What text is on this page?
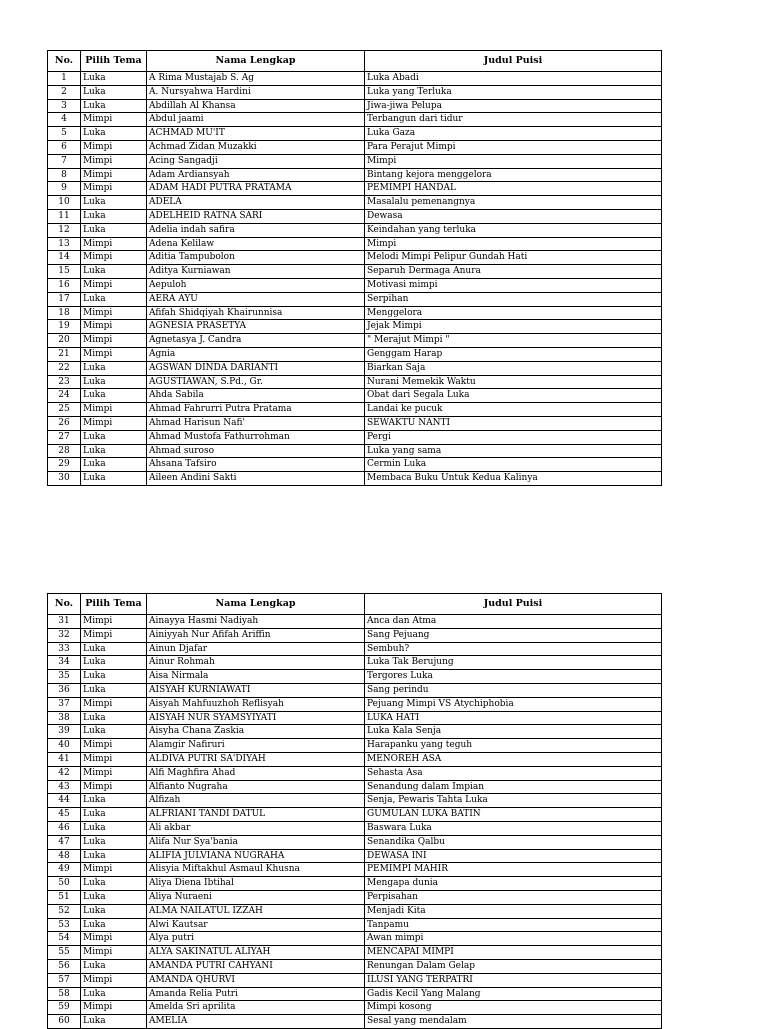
No.	Pilih Tema	Nama Lengkap	Judul Puisi
1	Luka	A Rima Mustajab S. Ag	Luka Abadi
2	Luka	A. Nursyahwa Hardini	Luka yang Terluka
3	Luka	Abdillah Al Khansa	Jiwa-jiwa Pelupa
4	Mimpi	Abdul jaami	Terbangun dari tidur
5	Luka	ACHMAD MU'IT	Luka Gaza
6	Mimpi	Achmad Zidan Muzakki	Para Perajut Mimpi
7	Mimpi	Acing Sangadji	Mimpi
8	Mimpi	Adam Ardiansyah	Bintang kejora menggelora
9	Mimpi	ADAM HADI PUTRA PRATAMA	PEMIMPI HANDAL
10	Luka	ADELA	Masalalu pemenangnya
11	Luka	ADELHEID RATNA SARI	Dewasa
12	Luka	Adelia indah safira	Keindahan yang terluka
13	Mimpi	Adena Kelilaw	Mimpi
14	Mimpi	Aditia Tampubolon	Melodi Mimpi Pelipur Gundah Hati
15	Luka	Aditya Kurniawan	Separuh Dermaga Anura
16	Mimpi	Aepuloh	Motivasi mimpi
17	Luka	AERA AYU	Serpihan
18	Mimpi	Afifah Shidqiyah Khairunnisa	Menggelora
19	Mimpi	AGNESIA PRASETYA	Jejak Mimpi
20	Mimpi	Agnetasya J. Candra	" Merajut Mimpi "
21	Mimpi	Agnia	Genggam Harap
22	Luka	AGSWAN DINDA DARIANTI	Biarkan Saja
23	Luka	AGUSTIAWAN, S.Pd., Gr.	Nurani Memekik Waktu
24	Luka	Ahda Sabila	Obat dari Segala Luka
25	Mimpi	Ahmad Fahrurri Putra Pratama	Landai ke pucuk
26	Mimpi	Ahmad Harisun Nafi'	SEWAKTU NANTI
27	Luka	Ahmad Mustofa Fathurrohman	Pergi
28	Luka	Ahmad suroso	Luka yang sama
29	Luka	Ahsana Tafsiro	Cermin Luka
30	Luka	Aileen Andini Sakti	Membaca Buku Untuk Kedua Kalinya
No.	Pilih Tema	Nama Lengkap	Judul Puisi
31	Mimpi	Ainayya Hasmi Nadiyah	Anca dan Atma
32	Mimpi	Ainiyyah Nur Afifah Ariffin	Sang Pejuang
33	Luka	Ainun Djafar	Sembuh?
34	Luka	Ainur Rohmah	Luka Tak Berujung
35	Luka	Aisa Nirmala	Tergores Luka
36	Luka	AISYAH KURNIAWATI	Sang perindu
37	Mimpi	Aisyah Mahfuuzhoh Reflisyah	Pejuang Mimpi VS Atychiphobia
38	Luka	AISYAH NUR SYAMSYIYATI	LUKA HATI
39	Luka	Aisyha Chana Zaskia	Luka Kala Senja
40	Mimpi	Alamgir Nafiruri	Harapanku yang teguh
41	Mimpi	ALDIVA PUTRI SA'DIYAH	MENOREH ASA
42	Mimpi	Alfi Maghfira Ahad	Sehasta Asa
43	Mimpi	Alfianto Nugraha	Senandung dalam Impian
44	Luka	Alfizah	Senja, Pewaris Tahta Luka
45	Luka	ALFRIANI TANDI DATUL	GUMULAN LUKA BATIN
46	Luka	Ali akbar	Baswara Luka
47	Luka	Alifa Nur Sya'bania	Senandika Qalbu
48	Luka	ALIFIA JULVIANA NUGRAHA	DEWASA INI
49	Mimpi	Alisyia Miftakhul Asmaul Khusna	PEMIMPI MAHIR
50	Luka	Aliya Diena Ibtihal	Mengapa dunia
51	Luka	Aliya Nuraeni	Perpisahan
52	Luka	ALMA NAILATUL IZZAH	Menjadi Kita
53	Luka	Alwi Kautsar	Tanpamu
54	Mimpi	Alya putri	Awan mimpi
55	Mimpi	ALYA SAKINATUL ALIYAH	MENCAPAI MIMPI
56	Luka	AMANDA PUTRI CAHYANI	Renungan Dalam Gelap
57	Mimpi	AMANDA QHURVI	ILUSI YANG TERPATRI
58	Luka	Amanda Relia Putri	Gadis Kecil Yang Malang
59	Mimpi	Amelda Sri aprilita	Mimpi kosong
60	Luka	AMELIA	Sesal yang mendalam
